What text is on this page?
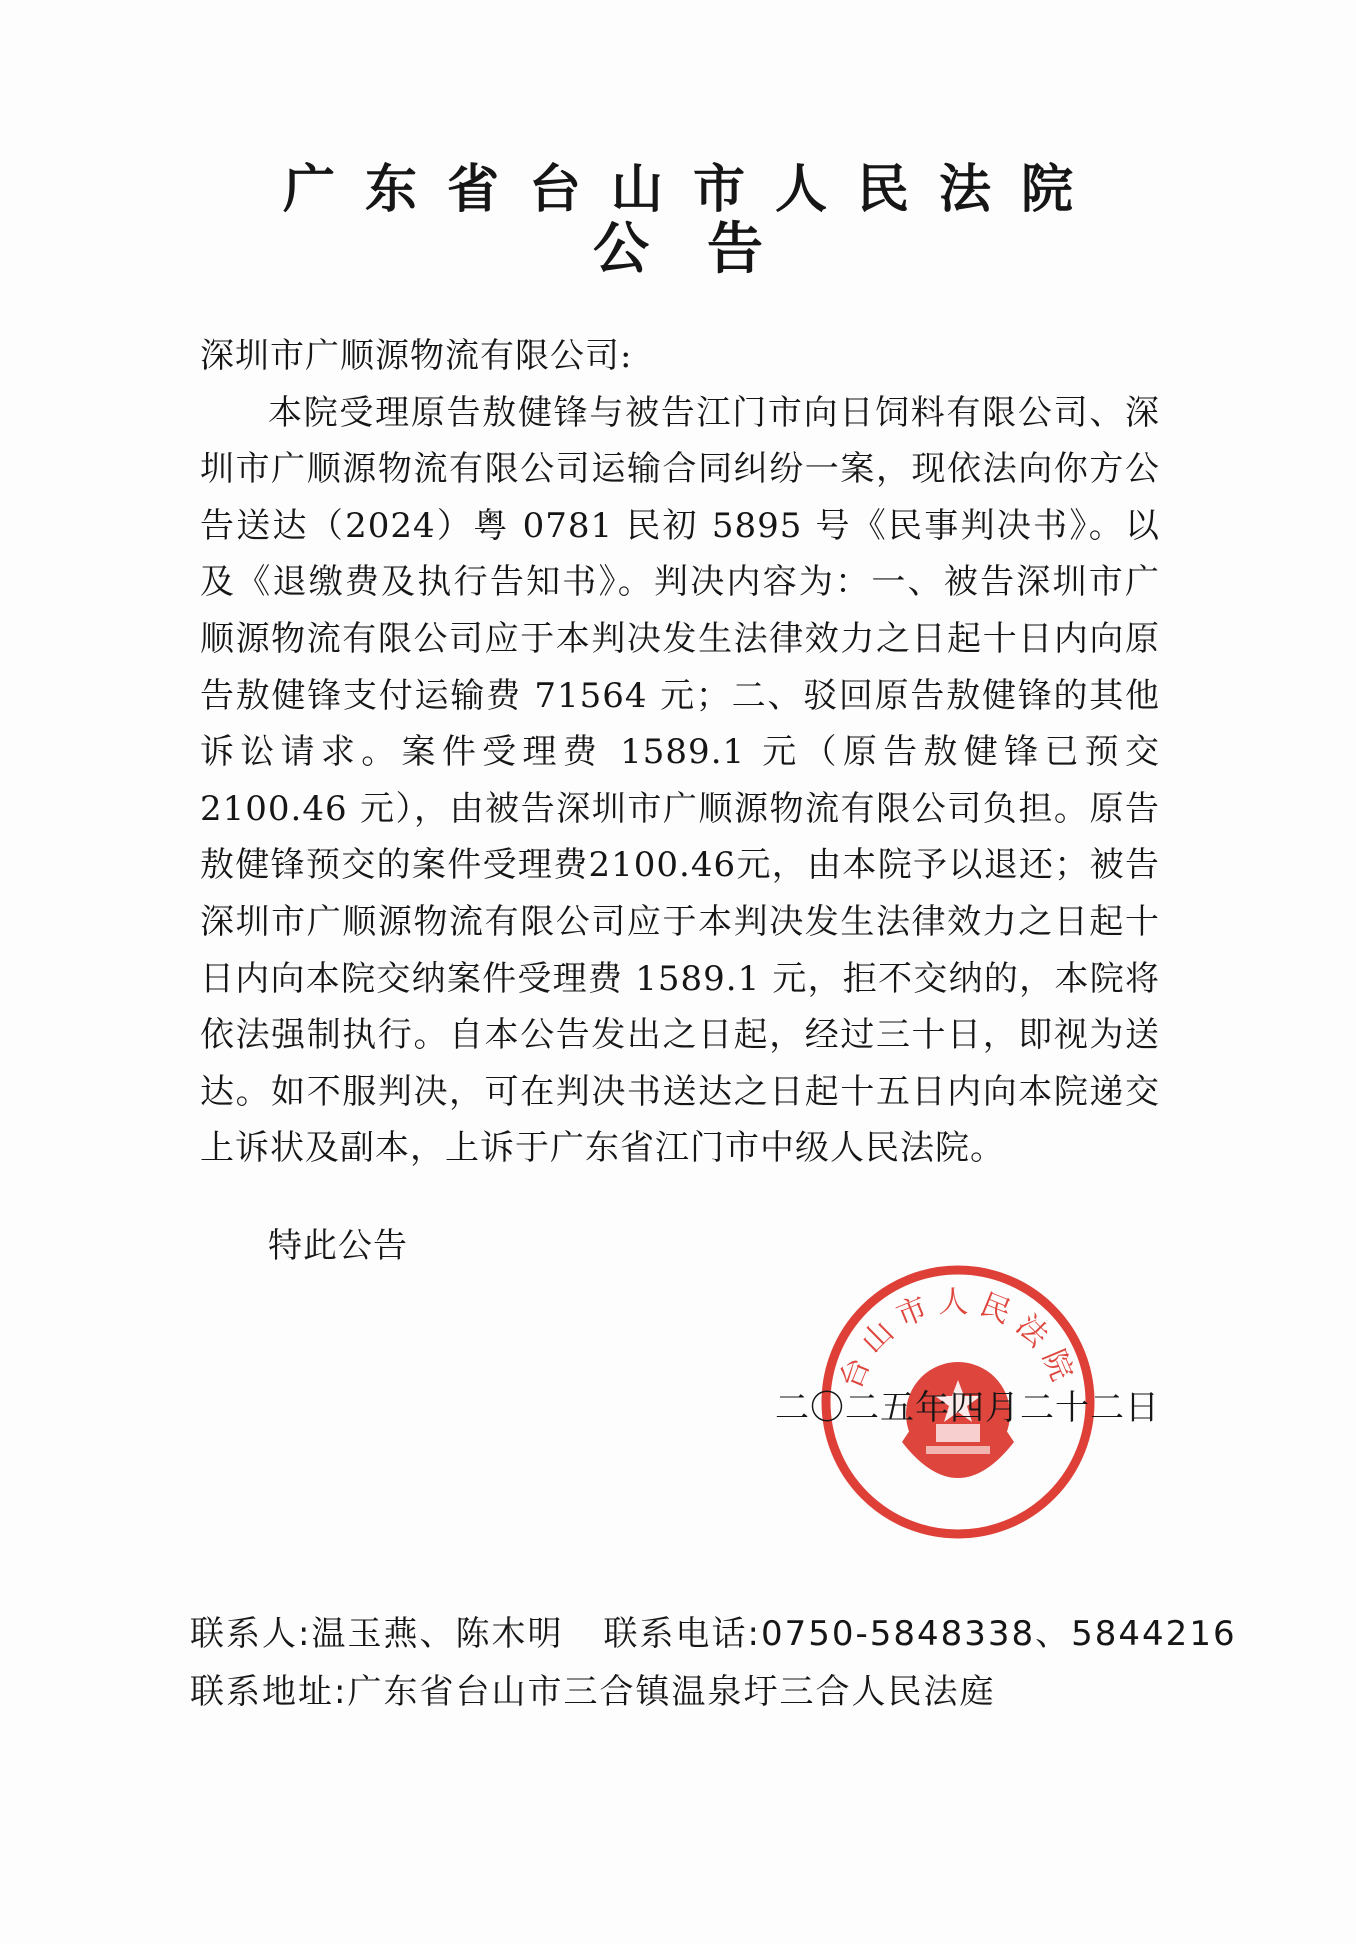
广东省台山市人民法院
公告

深圳市广顺源物流有限公司:

本院受理原告敖健锋与被告江门市向日饲料有限公司、深圳市广顺源物流有限公司运输合同纠纷一案，现依法向你方公告送达（2024）粤 0781 民初 5895 号《民事判决书》。以及《退缴费及执行告知书》。判决内容为：一、被告深圳市广顺源物流有限公司应于本判决发生法律效力之日起十日内向原告敖健锋支付运输费 71564 元；二、驳回原告敖健锋的其他诉讼请求。案件受理费 1589.1 元（原告敖健锋已预交 2100.46 元），由被告深圳市广顺源物流有限公司负担。原告敖健锋预交的案件受理费2100.46元，由本院予以退还；被告深圳市广顺源物流有限公司应于本判决发生法律效力之日起十日内向本院交纳案件受理费 1589.1 元，拒不交纳的，本院将依法强制执行。自本公告发出之日起，经过三十日，即视为送达。如不服判决，可在判决书送达之日起十五日内向本院递交上诉状及副本，上诉于广东省江门市中级人民法院。

特此公告
台山市人民法院
二〇二五年四月二十二日
联系人:温玉燕、陈木明 联系电话:0750-5848338、5844216
联系地址:广东省台山市三合镇温泉圩三合人民法庭
